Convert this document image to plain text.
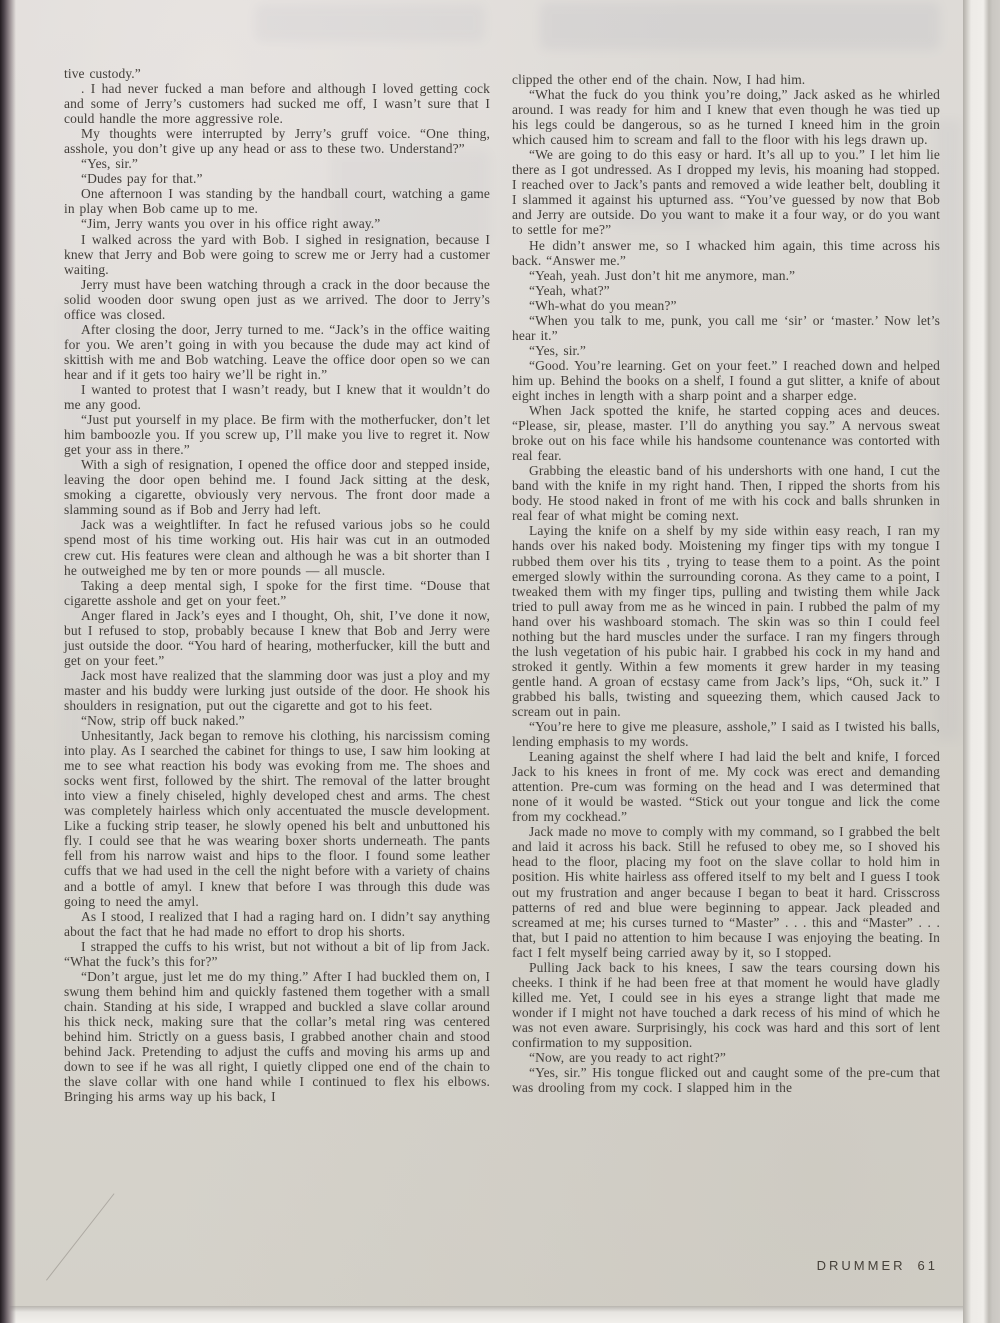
tive custody.”

. I had never fucked a man before and although I loved getting cock and some of Jerry’s customers had sucked me off, I wasn’t sure that I could handle the more aggressive role.

My thoughts were interrupted by Jerry’s gruff voice. “One thing, asshole, you don’t give up any head or ass to these two. Understand?”

“Yes, sir.”

“Dudes pay for that.”

One afternoon I was standing by the handball court, watching a game in play when Bob came up to me.

“Jim, Jerry wants you over in his office right away.”

I walked across the yard with Bob. I sighed in resignation, because I knew that Jerry and Bob were going to screw me or Jerry had a customer waiting.

Jerry must have been watching through a crack in the door because the solid wooden door swung open just as we arrived. The door to Jerry’s office was closed.

After closing the door, Jerry turned to me. “Jack’s in the office waiting for you. We aren’t going in with you because the dude may act kind of skittish with me and Bob watching. Leave the office door open so we can hear and if it gets too hairy we’ll be right in.”

I wanted to protest that I wasn’t ready, but I knew that it wouldn’t do me any good.

“Just put yourself in my place. Be firm with the motherfucker, don’t let him bamboozle you. If you screw up, I’ll make you live to regret it. Now get your ass in there.”

With a sigh of resignation, I opened the office door and stepped inside, leaving the door open behind me. I found Jack sitting at the desk, smoking a cigarette, obviously very nervous. The front door made a slamming sound as if Bob and Jerry had left.

Jack was a weightlifter. In fact he refused various jobs so he could spend most of his time working out. His hair was cut in an outmoded crew cut. His features were clean and although he was a bit shorter than I he outweighed me by ten or more pounds — all muscle.

Taking a deep mental sigh, I spoke for the first time. “Douse that cigarette asshole and get on your feet.”

Anger flared in Jack’s eyes and I thought, Oh, shit, I’ve done it now, but I refused to stop, probably because I knew that Bob and Jerry were just outside the door. “You hard of hearing, motherfucker, kill the butt and get on your feet.”

Jack most have realized that the slamming door was just a ploy and my master and his buddy were lurking just outside of the door. He shook his shoulders in resignation, put out the cigarette and got to his feet.

“Now, strip off buck naked.”

Unhesitantly, Jack began to remove his clothing, his narcissism coming into play. As I searched the cabinet for things to use, I saw him looking at me to see what reaction his body was evoking from me. The shoes and socks went first, followed by the shirt. The removal of the latter brought into view a finely chiseled, highly developed chest and arms. The chest was completely hairless which only accentuated the muscle development. Like a fucking strip teaser, he slowly opened his belt and unbuttoned his fly. I could see that he was wearing boxer shorts underneath. The pants fell from his narrow waist and hips to the floor. I found some leather cuffs that we had used in the cell the night before with a variety of chains and a bottle of amyl. I knew that before I was through this dude was going to need the amyl.

As I stood, I realized that I had a raging hard on. I didn’t say anything about the fact that he had made no effort to drop his shorts.

I strapped the cuffs to his wrist, but not without a bit of lip from Jack. “What the fuck’s this for?”

“Don’t argue, just let me do my thing.” After I had buckled them on, I swung them behind him and quickly fastened them together with a small chain. Standing at his side, I wrapped and buckled a slave collar around his thick neck, making sure that the collar’s metal ring was centered behind him. Strictly on a guess basis, I grabbed another chain and stood behind Jack. Pretending to adjust the cuffs and moving his arms up and down to see if he was all right, I quietly clipped one end of the chain to the slave collar with one hand while I continued to flex his elbows. Bringing his arms way up his back, I

clipped the other end of the chain. Now, I had him.

“What the fuck do you think you’re doing,” Jack asked as he whirled around. I was ready for him and I knew that even though he was tied up his legs could be dangerous, so as he turned I kneed him in the groin which caused him to scream and fall to the floor with his legs drawn up.

“We are going to do this easy or hard. It’s all up to you.” I let him lie there as I got undressed. As I dropped my levis, his moaning had stopped. I reached over to Jack’s pants and removed a wide leather belt, doubling it I slammed it against his upturned ass. “You’ve guessed by now that Bob and Jerry are outside. Do you want to make it a four way, or do you want to settle for me?”

He didn’t answer me, so I whacked him again, this time across his back. “Answer me.”

“Yeah, yeah. Just don’t hit me anymore, man.”

“Yeah, what?”

“Wh-what do you mean?”

“When you talk to me, punk, you call me ‘sir’ or ‘master.’ Now let’s hear it.”

“Yes, sir.”

“Good. You’re learning. Get on your feet.” I reached down and helped him up. Behind the books on a shelf, I found a gut slitter, a knife of about eight inches in length with a sharp point and a sharper edge.

When Jack spotted the knife, he started copping aces and deuces. “Please, sir, please, master. I’ll do anything you say.” A nervous sweat broke out on his face while his handsome countenance was contorted with real fear.

Grabbing the eleastic band of his undershorts with one hand, I cut the band with the knife in my right hand. Then, I ripped the shorts from his body. He stood naked in front of me with his cock and balls shrunken in real fear of what might be coming next.

Laying the knife on a shelf by my side within easy reach, I ran my hands over his naked body. Moistening my finger tips with my tongue I rubbed them over his tits , trying to tease them to a point. As the point emerged slowly within the surrounding corona. As they came to a point, I tweaked them with my finger tips, pulling and twisting them while Jack tried to pull away from me as he winced in pain. I rubbed the palm of my hand over his washboard stomach. The skin was so thin I could feel nothing but the hard muscles under the surface. I ran my fingers through the lush vegetation of his pubic hair. I grabbed his cock in my hand and stroked it gently. Within a few moments it grew harder in my teasing gentle hand. A groan of ecstasy came from Jack’s lips, “Oh, suck it.” I grabbed his balls, twisting and squeezing them, which caused Jack to scream out in pain.

“You’re here to give me pleasure, asshole,” I said as I twisted his balls, lending emphasis to my words.

Leaning against the shelf where I had laid the belt and knife, I forced Jack to his knees in front of me. My cock was erect and demanding attention. Pre-cum was forming on the head and I was determined that none of it would be wasted. “Stick out your tongue and lick the come from my cockhead.”

Jack made no move to comply with my command, so I grabbed the belt and laid it across his back. Still he refused to obey me, so I shoved his head to the floor, placing my foot on the slave collar to hold him in position. His white hairless ass offered itself to my belt and I guess I took out my frustration and anger because I began to beat it hard. Crisscross patterns of red and blue were beginning to appear. Jack pleaded and screamed at me; his curses turned to “Master” . . . this and “Master” . . . that, but I paid no attention to him because I was enjoying the beating. In fact I felt myself being carried away by it, so I stopped.

Pulling Jack back to his knees, I saw the tears coursing down his cheeks. I think if he had been free at that moment he would have gladly killed me. Yet, I could see in his eyes a strange light that made me wonder if I might not have touched a dark recess of his mind of which he was not even aware. Surprisingly, his cock was hard and this sort of lent confirmation to my supposition.

“Now, are you ready to act right?”

“Yes, sir.” His tongue flicked out and caught some of the pre-cum that was drooling from my cock. I slapped him in the

DRUMMER 61
